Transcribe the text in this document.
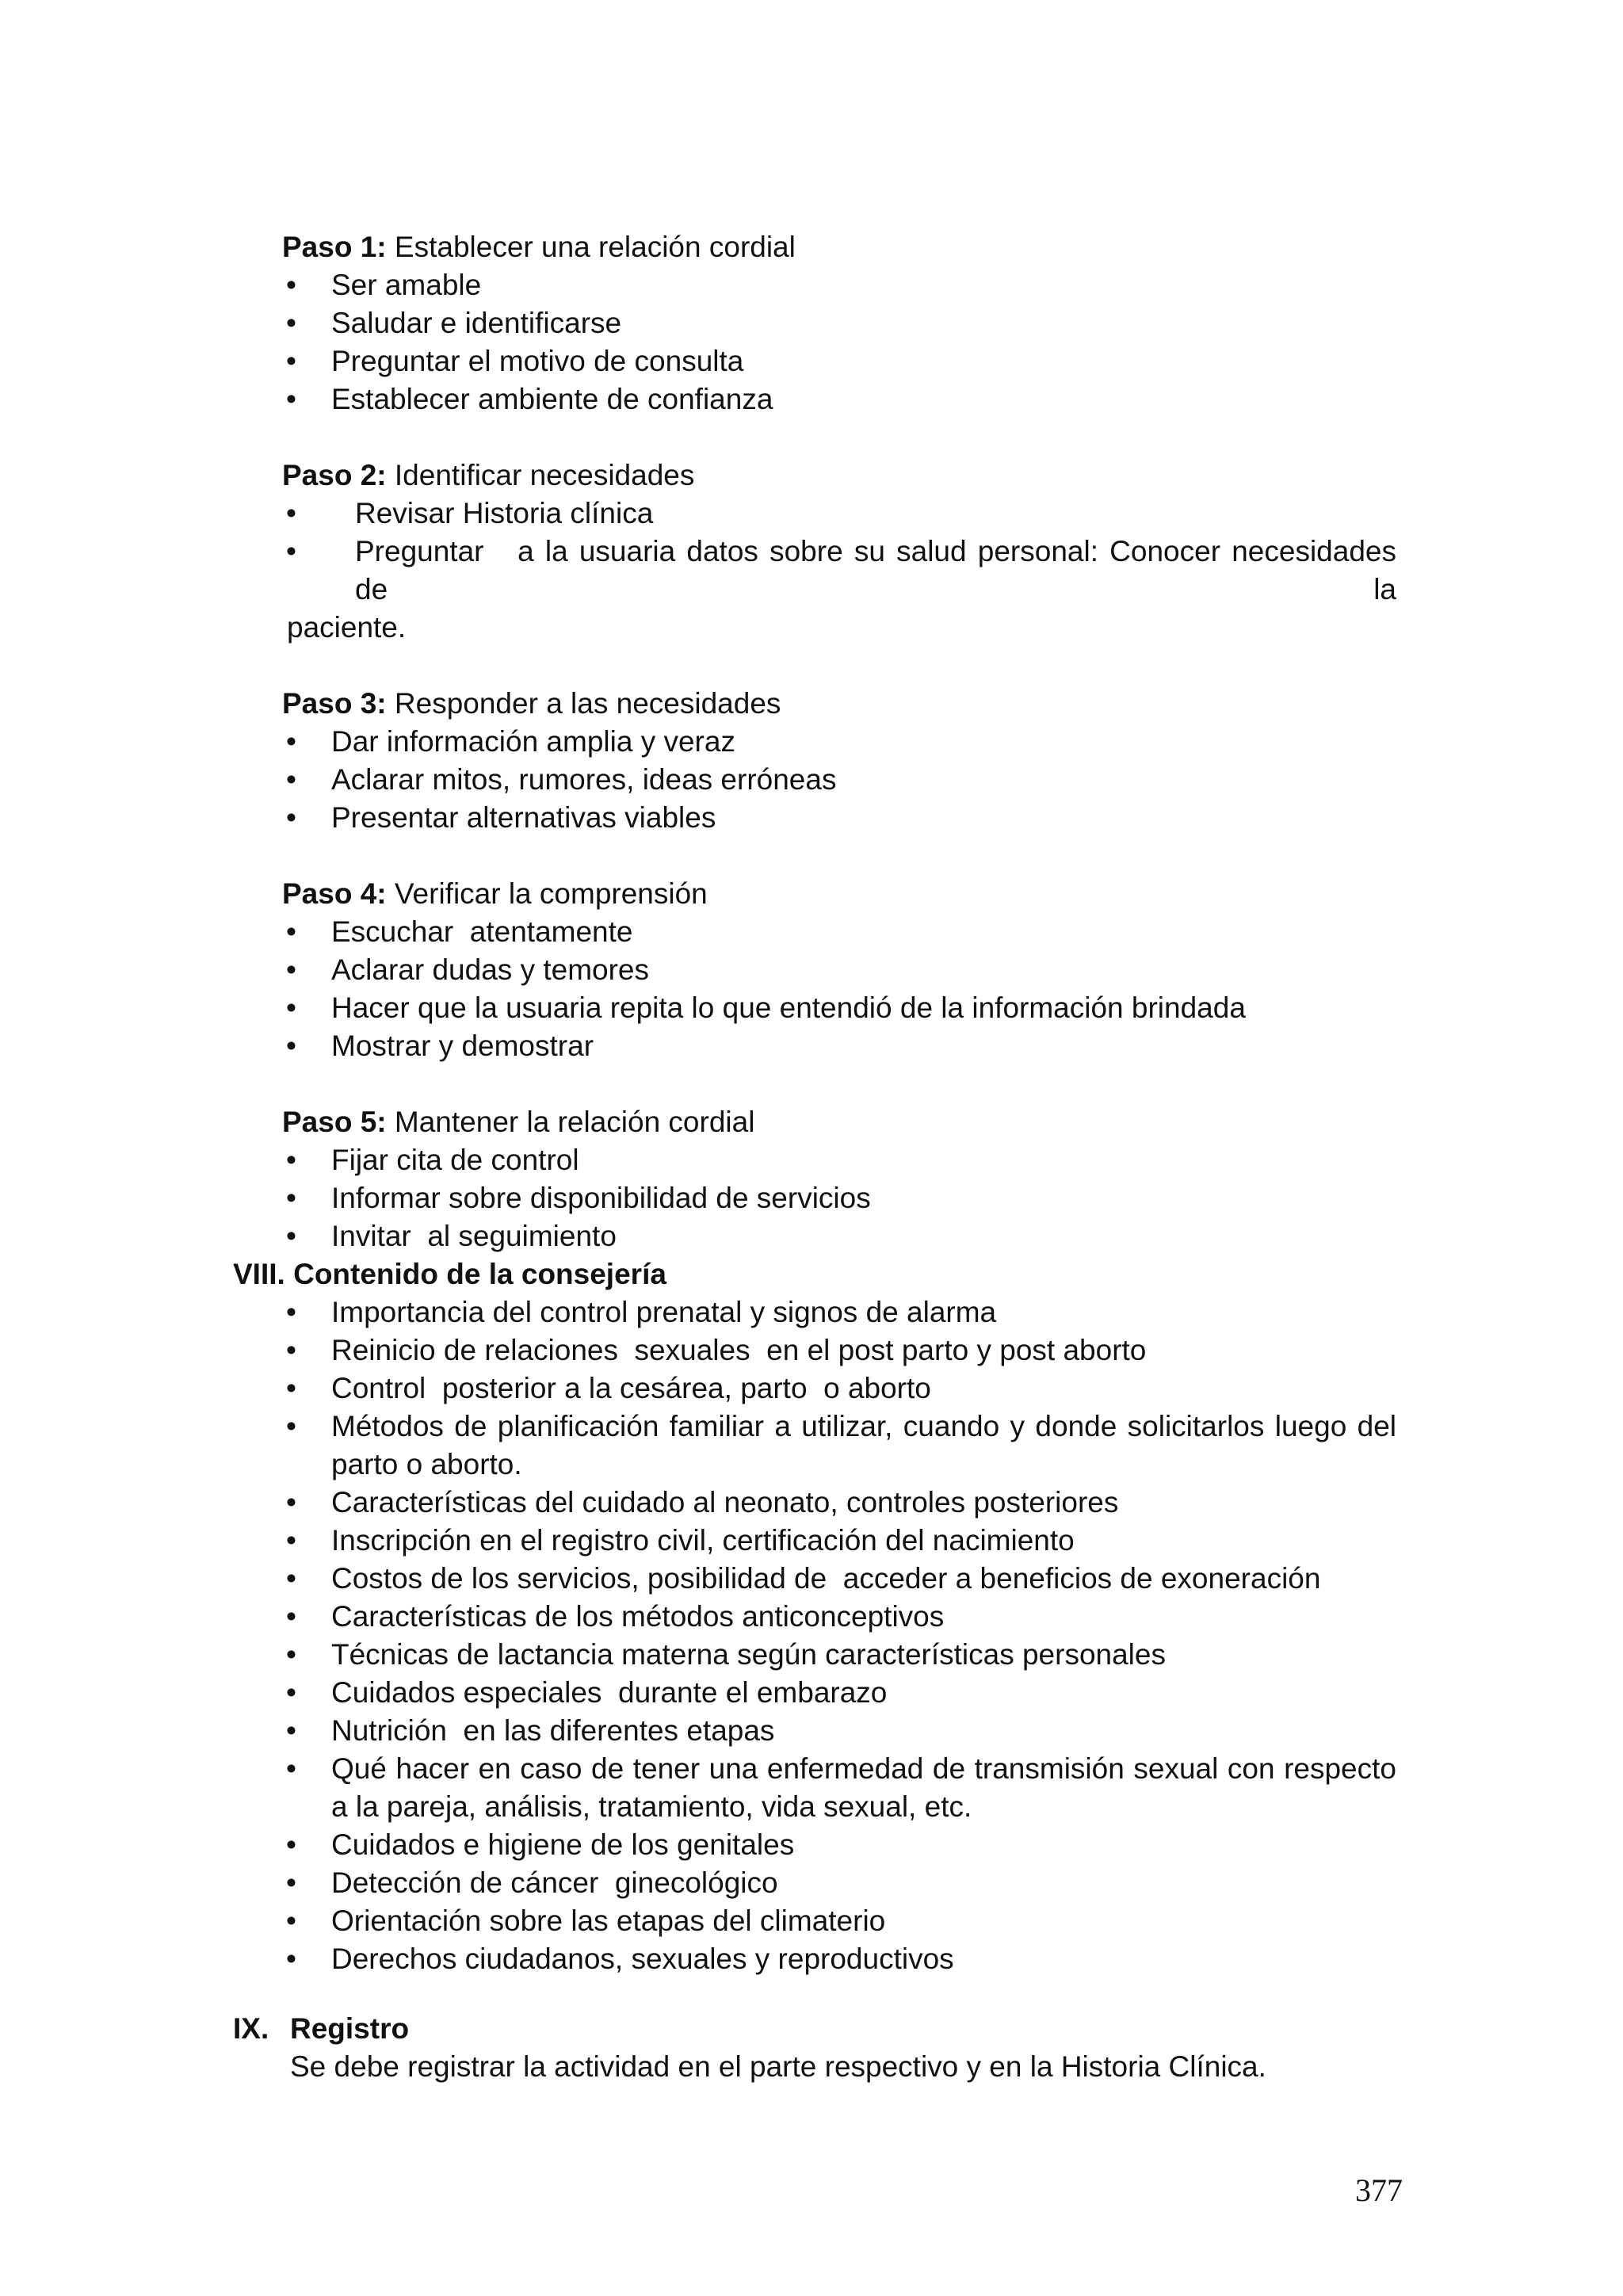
Paso 1: Establecer una relación cordial
• Ser amable
• Saludar e identificarse
• Preguntar el motivo de consulta
• Establecer ambiente de confianza
Paso 2: Identificar necesidades
• Revisar Historia clínica
• Preguntar   a la usuaria datos sobre su salud personal: Conocer necesidades de la
paciente.
Paso 3: Responder a las necesidades
• Dar información amplia y veraz
• Aclarar mitos, rumores, ideas erróneas
• Presentar alternativas viables
Paso 4: Verificar la comprensión
• Escuchar  atentamente
• Aclarar dudas y temores
• Hacer que la usuaria repita lo que entendió de la información brindada
• Mostrar y demostrar
Paso 5: Mantener la relación cordial
• Fijar cita de control
• Informar sobre disponibilidad de servicios
• Invitar  al seguimiento
VIII. Contenido de la consejería
• Importancia del control prenatal y signos de alarma
• Reinicio de relaciones  sexuales  en el post parto y post aborto
• Control  posterior a la cesárea, parto  o aborto
• Métodos de planificación familiar a utilizar, cuando y donde solicitarlos luego del parto o aborto.
• Características del cuidado al neonato, controles posteriores
• Inscripción en el registro civil, certificación del nacimiento
• Costos de los servicios, posibilidad de  acceder a beneficios de exoneración
• Características de los métodos anticonceptivos
• Técnicas de lactancia materna según características personales
• Cuidados especiales  durante el embarazo
• Nutrición  en las diferentes etapas
• Qué hacer en caso de tener una enfermedad de transmisión sexual con respecto a la pareja, análisis, tratamiento, vida sexual, etc.
• Cuidados e higiene de los genitales
• Detección de cáncer  ginecológico
• Orientación sobre las etapas del climaterio
• Derechos ciudadanos, sexuales y reproductivos
IX. Registro
Se debe registrar la actividad en el parte respectivo y en la Historia Clínica.
377
